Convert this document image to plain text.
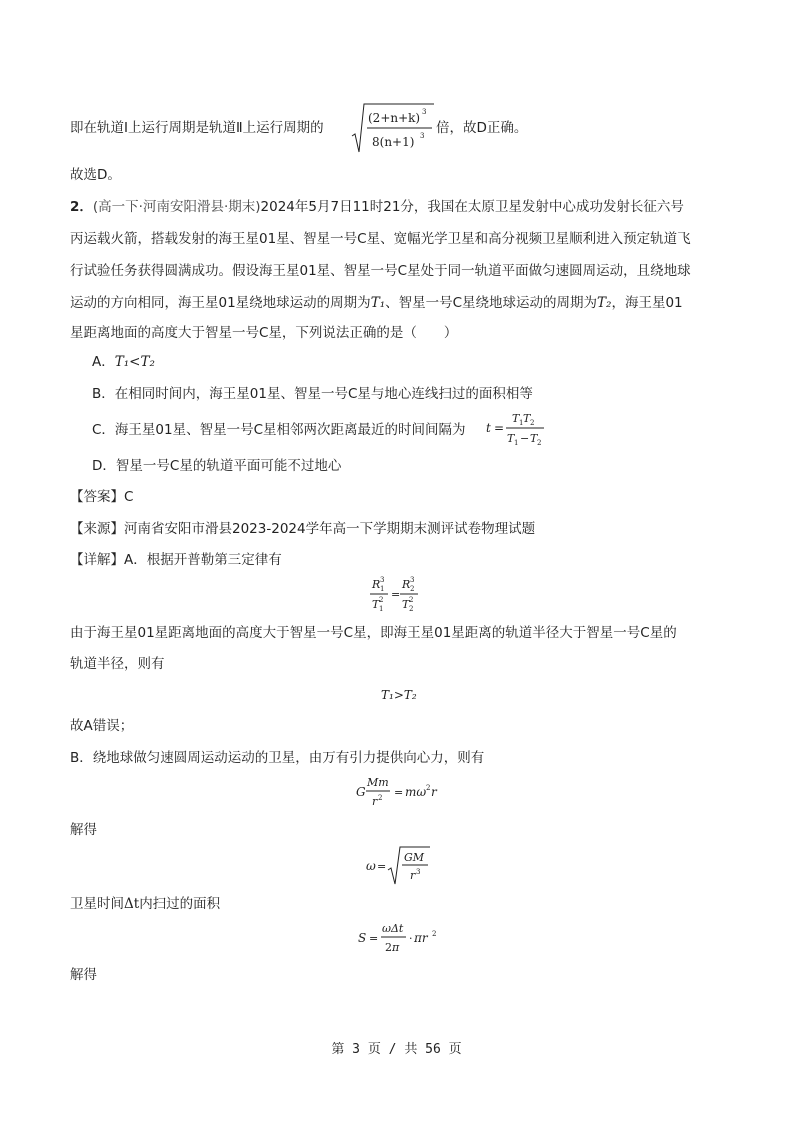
即在轨道Ⅰ上运行周期是轨道Ⅱ上运行周期的
(2+n+k) 3
8(n+1) 3 倍，故D正确。
故选D。
2．(高一下·河南安阳滑县·期末)2024年5月7日11时21分，我国在太原卫星发射中心成功发射长征六号
丙运载火箭，搭载发射的海王星01星、智星一号C星、宽幅光学卫星和高分视频卫星顺利进入预定轨道飞
行试验任务获得圆满成功。假设海王星01星、智星一号C星处于同一轨道平面做匀速圆周运动，且绕地球
运动的方向相同，海王星01星绕地球运动的周期为T₁、智星一号C星绕地球运动的周期为T₂，海王星01
星距离地面的高度大于智星一号C星，下列说法正确的是（　　）
A．T₁<T₂
B．在相同时间内，海王星01星、智星一号C星与地心连线扫过的面积相等
C．海王星01星、智星一号C星相邻两次距离最近的时间间隔为 t =
T 1 T 2
T 1 − T 2
D．智星一号C星的轨道平面可能不过地心
【答案】C
【来源】河南省安阳市滑县2023-2024学年高一下学期期末测评试卷物理试题
【详解】A．根据开普勒第三定律有
R 3
1
T 2
1
=
R 3
2
T 2
2
由于海王星01星距离地面的高度大于智星一号C星，即海王星01星距离的轨道半径大于智星一号C星的
轨道半径，则有
T₁>T₂
故A错误；
B．绕地球做匀速圆周运动运动的卫星，由万有引力提供向心力，则有
G
Mm
r 2 = mω 2 r
解得
ω =
GM
r 3
卫星时间Δt内扫过的面积
S =
ωΔt
2 π
· πr 2
解得
第 3 页 / 共 56 页
